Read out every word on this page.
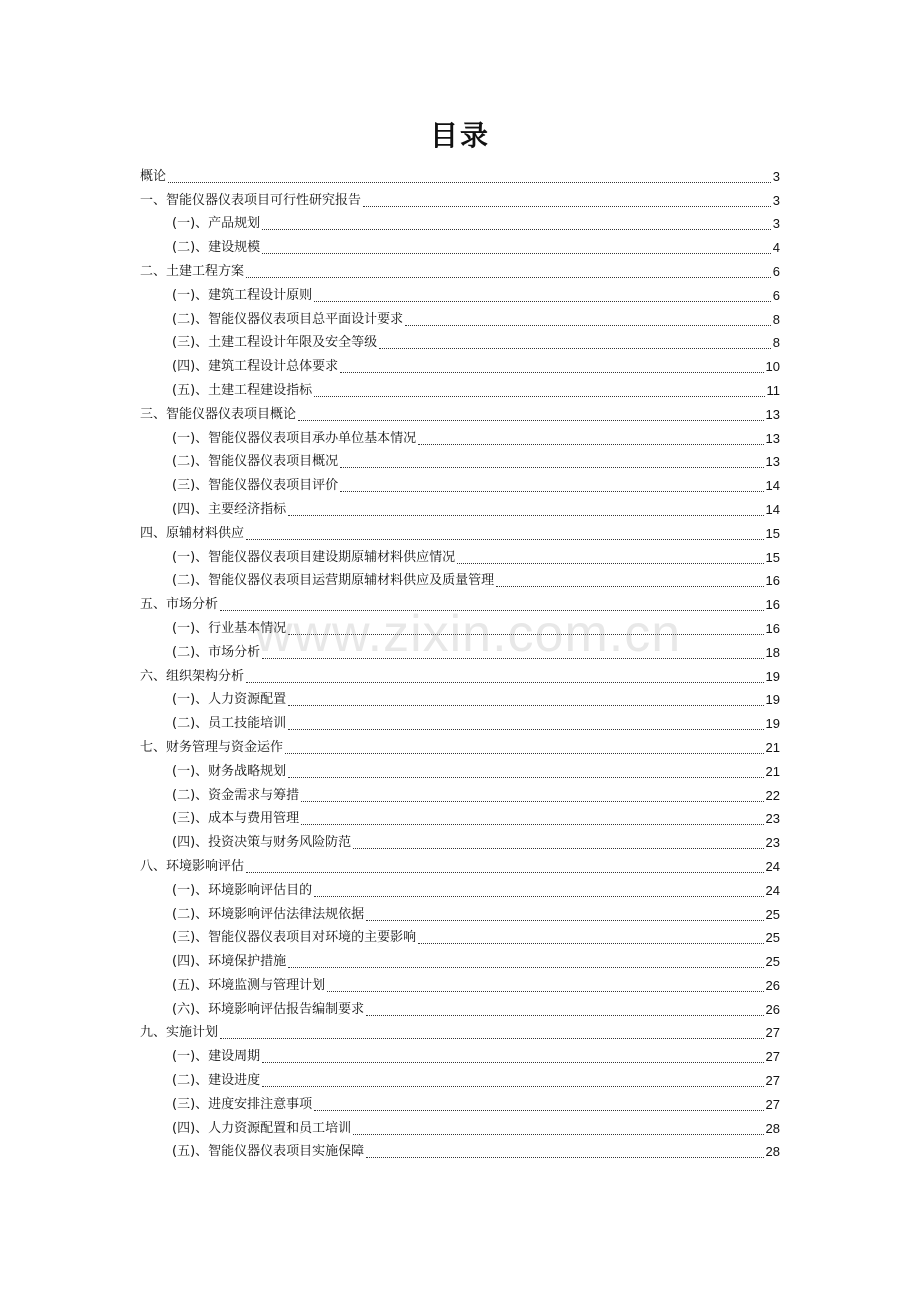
目录
概论	3
一、智能仪器仪表项目可行性研究报告	3
(一)、产品规划	3
(二)、建设规模	4
二、土建工程方案	6
(一)、建筑工程设计原则	6
(二)、智能仪器仪表项目总平面设计要求	8
(三)、土建工程设计年限及安全等级	8
(四)、建筑工程设计总体要求	10
(五)、土建工程建设指标	11
三、智能仪器仪表项目概论	13
(一)、智能仪器仪表项目承办单位基本情况	13
(二)、智能仪器仪表项目概况	13
(三)、智能仪器仪表项目评价	14
(四)、主要经济指标	14
四、原辅材料供应	15
(一)、智能仪器仪表项目建设期原辅材料供应情况	15
(二)、智能仪器仪表项目运营期原辅材料供应及质量管理	16
五、市场分析	16
(一)、行业基本情况	16
(二)、市场分析	18
六、组织架构分析	19
(一)、人力资源配置	19
(二)、员工技能培训	19
七、财务管理与资金运作	21
(一)、财务战略规划	21
(二)、资金需求与筹措	22
(三)、成本与费用管理	23
(四)、投资决策与财务风险防范	23
八、环境影响评估	24
(一)、环境影响评估目的	24
(二)、环境影响评估法律法规依据	25
(三)、智能仪器仪表项目对环境的主要影响	25
(四)、环境保护措施	25
(五)、环境监测与管理计划	26
(六)、环境影响评估报告编制要求	26
九、实施计划	27
(一)、建设周期	27
(二)、建设进度	27
(三)、进度安排注意事项	27
(四)、人力资源配置和员工培训	28
(五)、智能仪器仪表项目实施保障	28
www.zixin.com.cn
